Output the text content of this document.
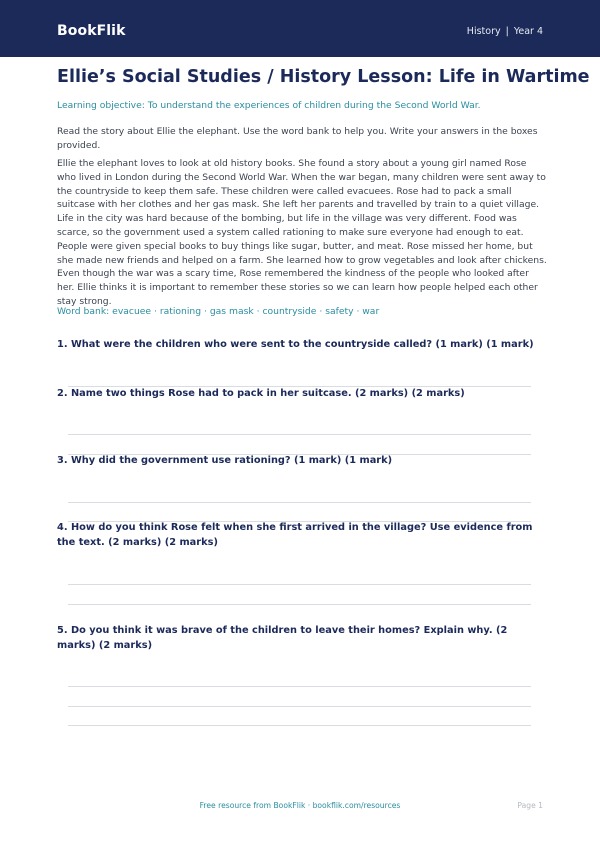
BookFlik	History | Year 4
Ellie’s Social Studies / History Lesson: Life in Wartime

Learning objective: To understand the experiences of children during the Second World War.

Read the story about Ellie the elephant. Use the word bank to help you. Write your answers in the boxes provided.

Ellie the elephant loves to look at old history books. She found a story about a young girl named Rose who lived in London during the Second World War. When the war began, many children were sent away to the countryside to keep them safe. These children were called evacuees. Rose had to pack a small suitcase with her clothes and her gas mask. She left her parents and travelled by train to a quiet village. Life in the city was hard because of the bombing, but life in the village was very different. Food was scarce, so the government used a system called rationing to make sure everyone had enough to eat. People were given special books to buy things like sugar, butter, and meat. Rose missed her home, but she made new friends and helped on a farm. She learned how to grow vegetables and look after chickens. Even though the war was a scary time, Rose remembered the kindness of the people who looked after her. Ellie thinks it is important to remember these stories so we can learn how people helped each other stay strong.

Word bank: evacuee · rationing · gas mask · countryside · safety · war

1. What were the children who were sent to the countryside called? (1 mark) (1 mark)

2. Name two things Rose had to pack in her suitcase. (2 marks) (2 marks)

3. Why did the government use rationing? (1 mark) (1 mark)

4. How do you think Rose felt when she first arrived in the village? Use evidence from the text. (2 marks) (2 marks)

5. Do you think it was brave of the children to leave their homes? Explain why. (2 marks) (2 marks)

Free resource from BookFlik · bookflik.com/resources	Page 1
